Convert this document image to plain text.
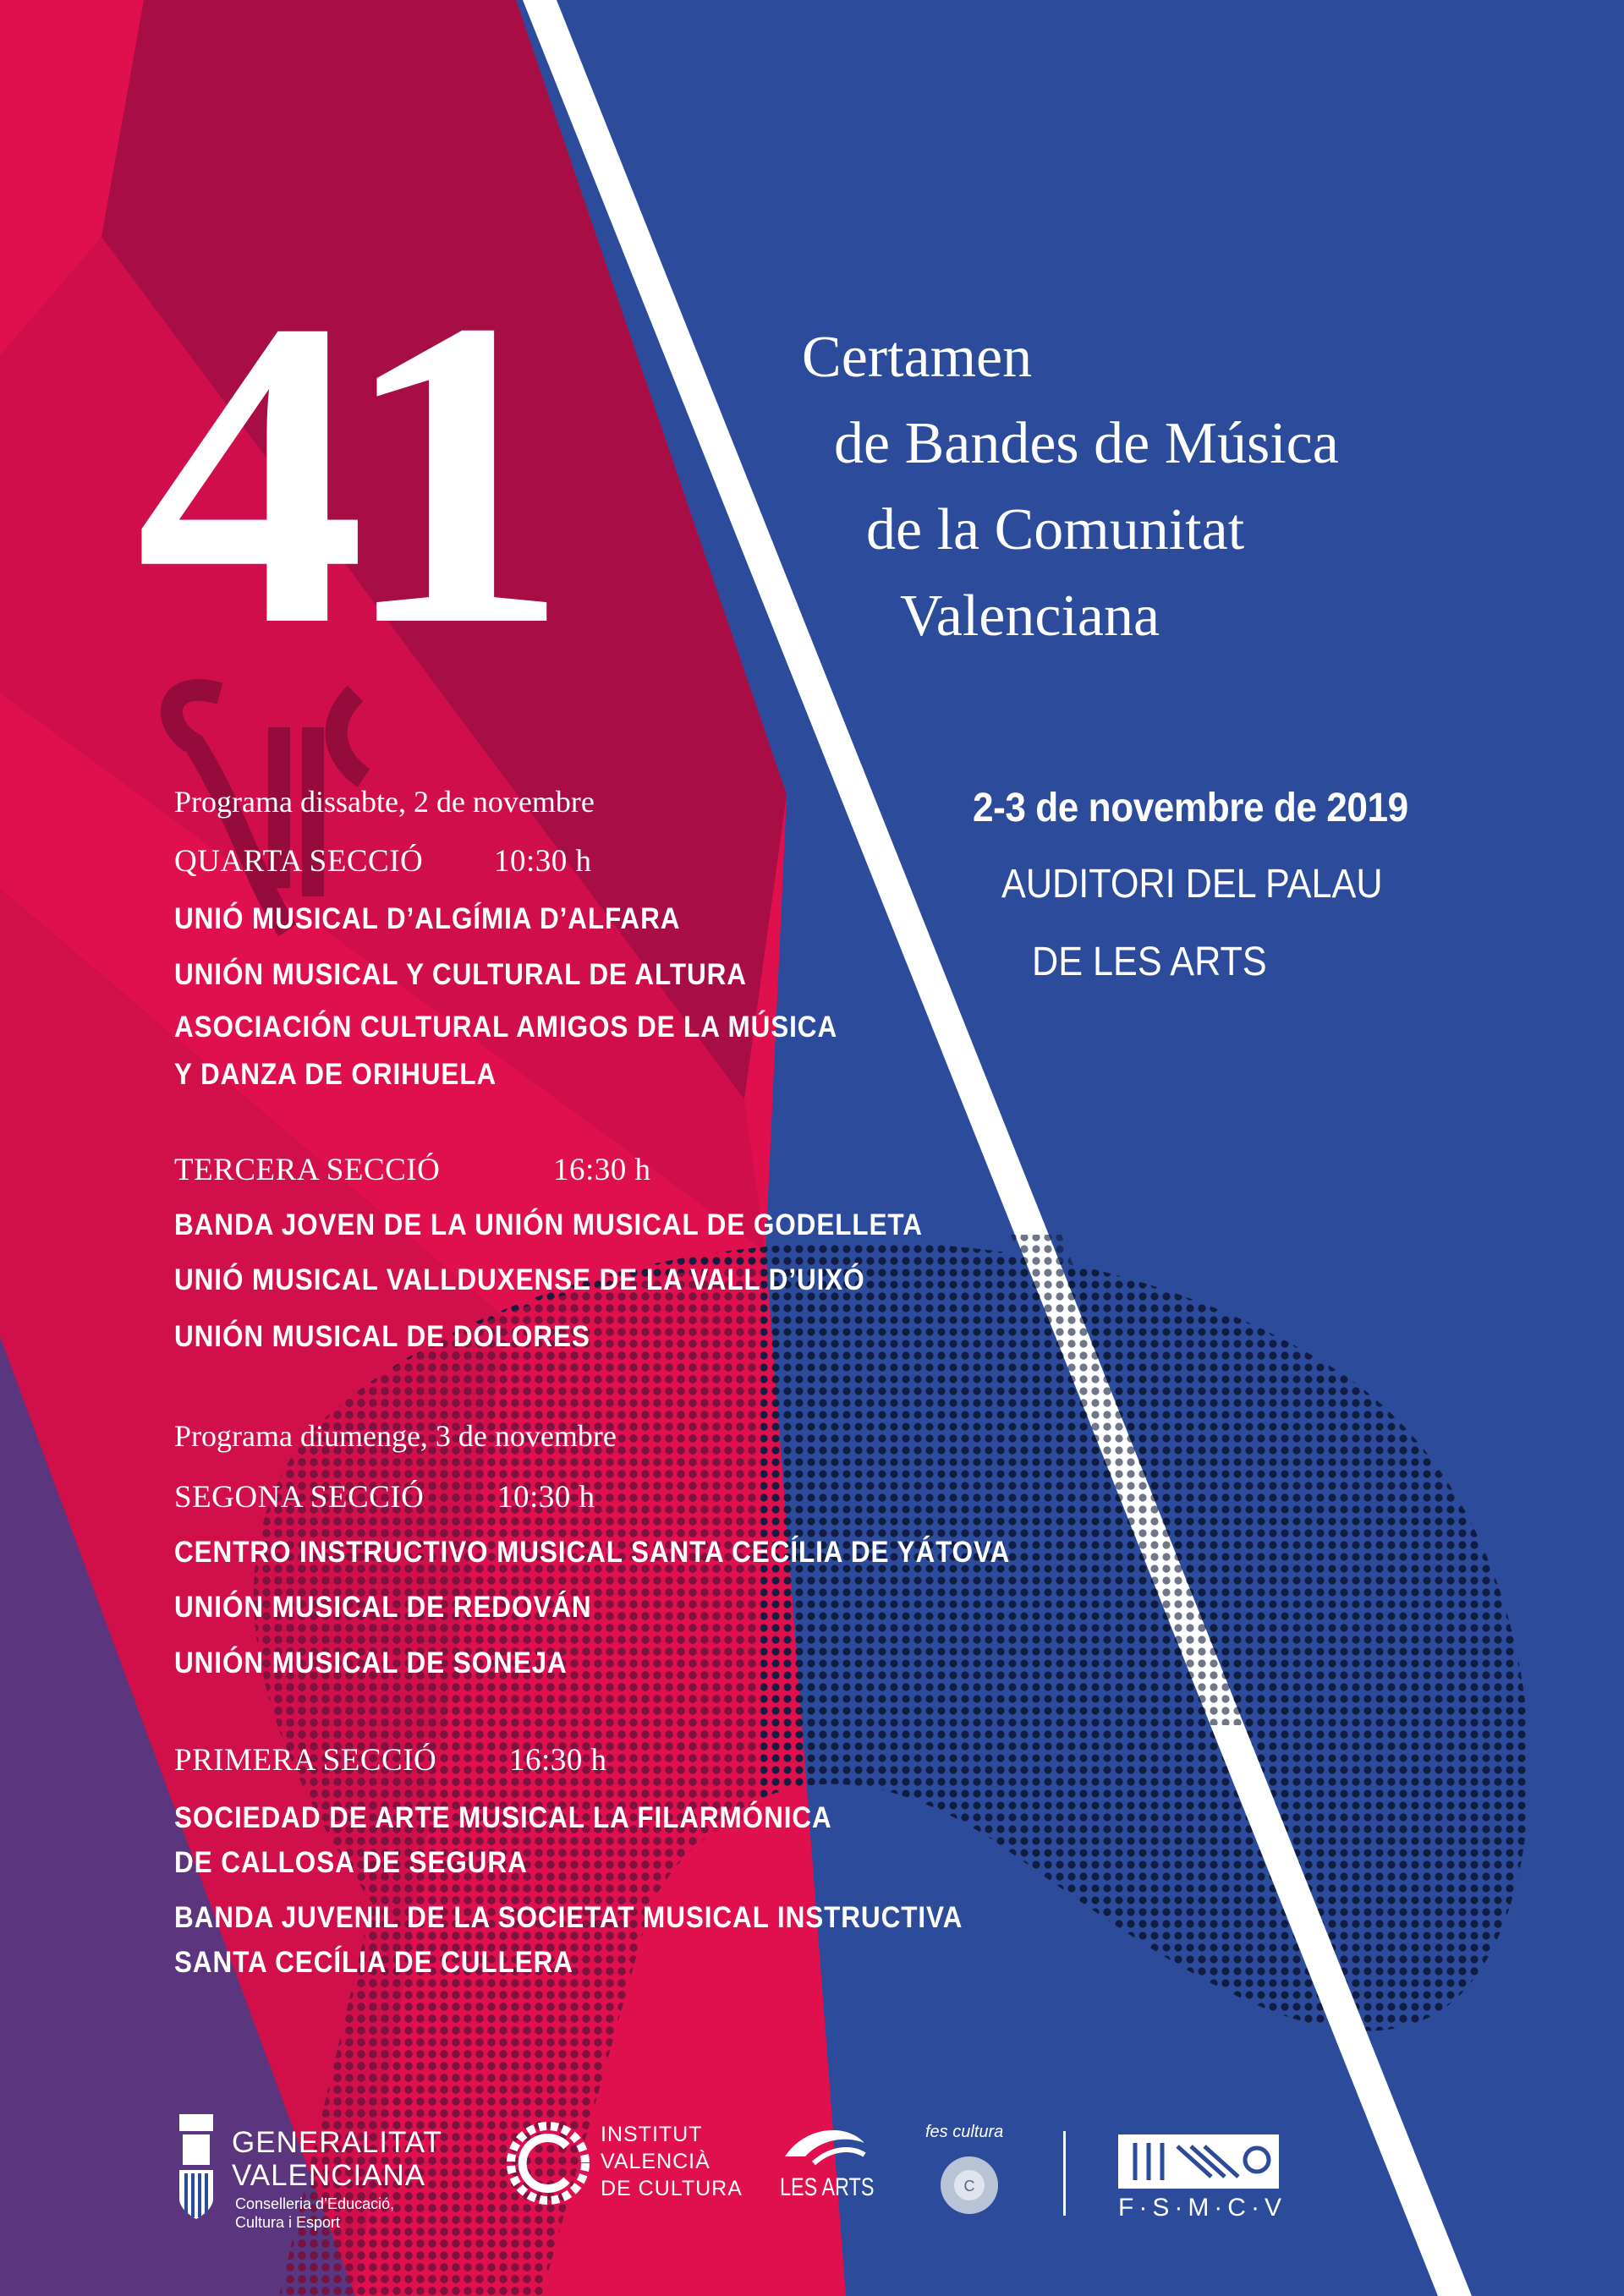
41	Certamen
de Bandes de Música
de la Comunitat
Valenciana
2-3 de novembre de 2019
AUDITORI DEL PALAU
DE LES ARTS
Programa dissabte, 2 de novembre
QUARTA SECCIÓ 10:30 h
UNIÓ MUSICAL D’ALGÍMIA D’ALFARA
UNIÓN MUSICAL Y CULTURAL DE ALTURA
ASOCIACIÓN CULTURAL AMIGOS DE LA MÚSICA
Y DANZA DE ORIHUELA
TERCERA SECCIÓ	16:30 h
BANDA JOVEN DE LA UNIÓN MUSICAL DE GODELLETA
UNIÓ MUSICAL VALLDUXENSE DE LA VALL D’UIXÓ
UNIÓN MUSICAL DE DOLORES
Programa diumenge, 3 de novembre
SEGONA SECCIÓ 10:30 h
CENTRO INSTRUCTIVO MUSICAL SANTA CECÍLIA DE YÁTOVA
UNIÓN MUSICAL DE REDOVÁN
UNIÓN MUSICAL DE SONEJA
PRIMERA SECCIÓ 16:30 h
SOCIEDAD DE ARTE MUSICAL LA FILARMÓNICA
DE CALLOSA DE SEGURA
BANDA JUVENIL DE LA SOCIETAT MUSICAL INSTRUCTIVA
SANTA CECÍLIA DE CULLERA
GENERALITAT
VALENCIANA
Conselleria d’Educació,
Cultura i Esport
INSTITUT
VALENCIÀ
DE CULTURA LES ARTS
fes cultura
C
F·S·M·C·V
